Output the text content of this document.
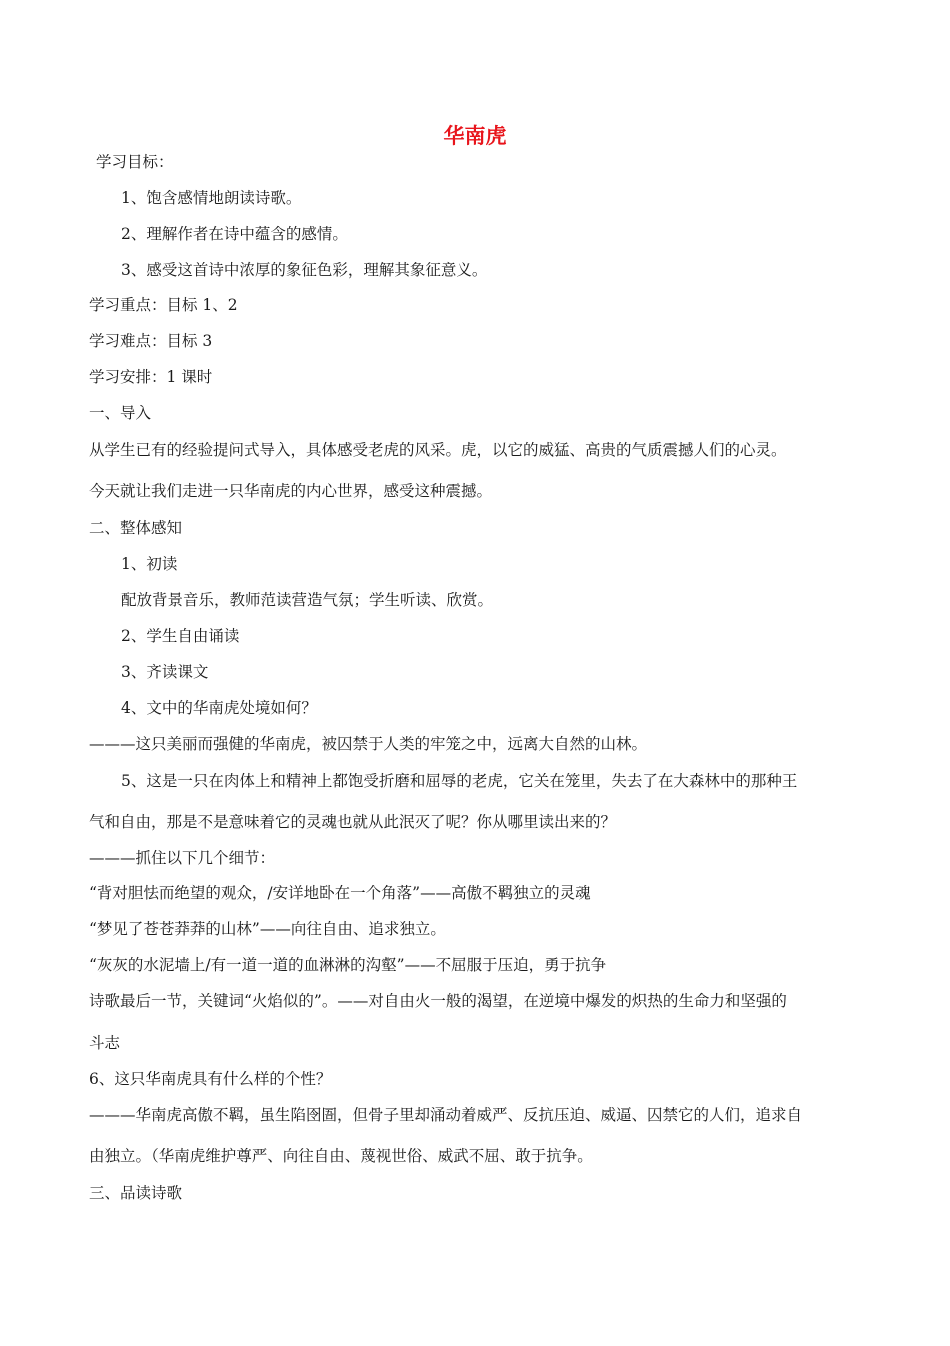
华南虎
学习目标：
1、饱含感情地朗读诗歌。
2、理解作者在诗中蕴含的感情。
3、感受这首诗中浓厚的象征色彩，理解其象征意义。
学习重点：目标 1、2
学习难点：目标 3
学习安排：1 课时
一、导入
从学生已有的经验提问式导入，具体感受老虎的风采。虎，以它的威猛、高贵的气质震撼人们的心灵。
今天就让我们走进一只华南虎的内心世界，感受这种震撼。
二、整体感知
1、初读
配放背景音乐，教师范读营造气氛；学生听读、欣赏。
2、学生自由诵读
3、齐读课文
4、文中的华南虎处境如何？
———这只美丽而强健的华南虎，被囚禁于人类的牢笼之中，远离大自然的山林。
5、这是一只在肉体上和精神上都饱受折磨和屈辱的老虎，它关在笼里，失去了在大森林中的那种王
气和自由，那是不是意味着它的灵魂也就从此泯灭了呢？你从哪里读出来的？
———抓住以下几个细节：
“背对胆怯而绝望的观众，/安详地卧在一个角落”——高傲不羁独立的灵魂
“梦见了苍苍莽莽的山林”——向往自由、追求独立。
“灰灰的水泥墙上/有一道一道的血淋淋的沟壑”——不屈服于压迫，勇于抗争
诗歌最后一节，关键词“火焰似的”。——对自由火一般的渴望，在逆境中爆发的炽热的生命力和坚强的
斗志
6、这只华南虎具有什么样的个性？
———华南虎高傲不羁，虽生陷囹圄，但骨子里却涌动着威严、反抗压迫、威逼、囚禁它的人们，追求自
由独立。（华南虎维护尊严、向往自由、蔑视世俗、威武不屈、敢于抗争。
三、品读诗歌
